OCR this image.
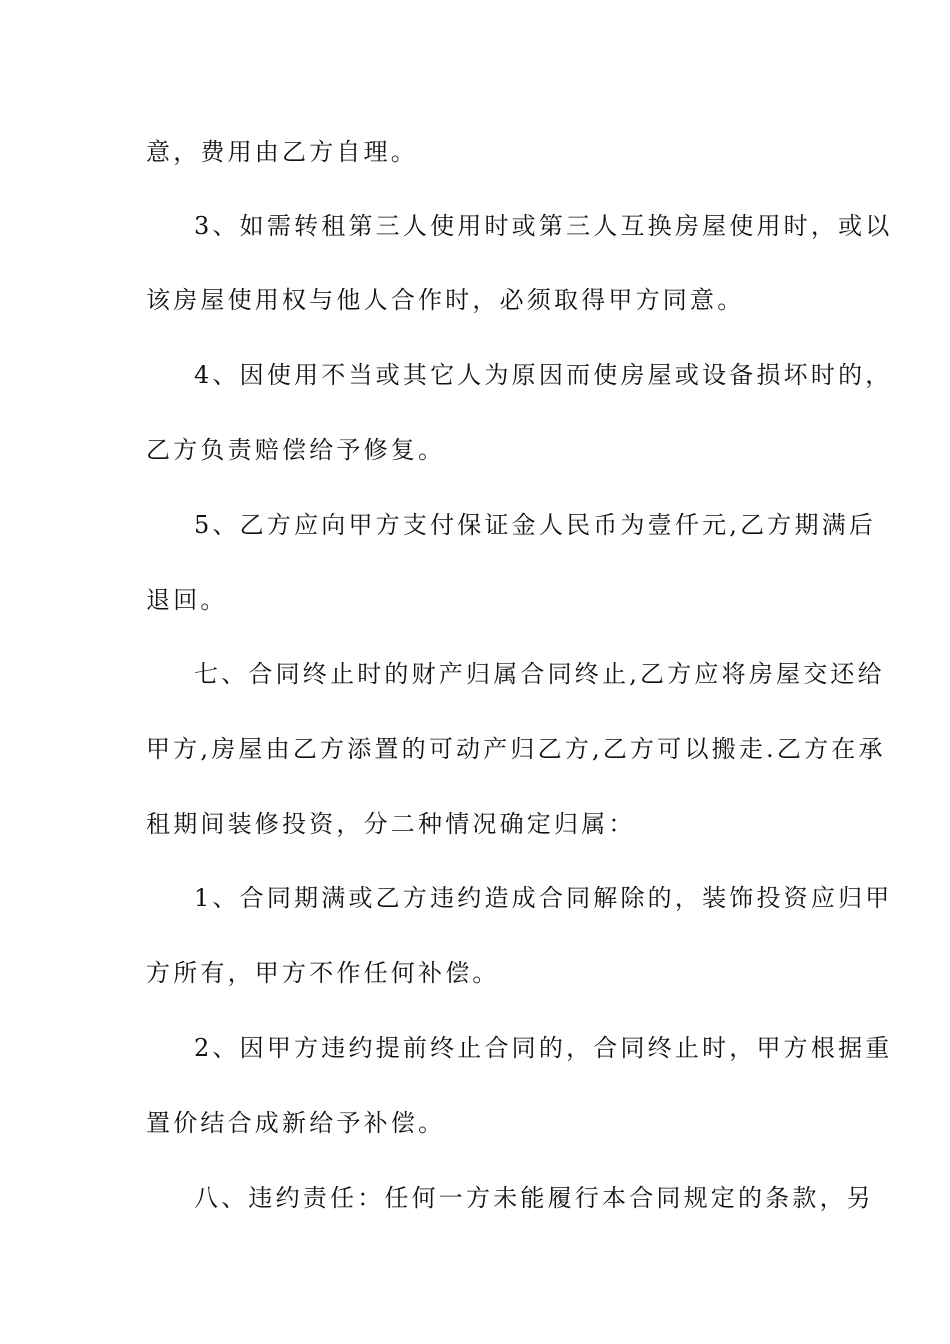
意，费用由乙方自理。
3、如需转租第三人使用时或第三人互换房屋使用时，或以
该房屋使用权与他人合作时，必须取得甲方同意。
4、因使用不当或其它人为原因而使房屋或设备损坏时的，
乙方负责赔偿给予修复。
5、乙方应向甲方支付保证金人民币为壹仟元,乙方期满后
退回。
七、合同终止时的财产归属合同终止,乙方应将房屋交还给
甲方,房屋由乙方添置的可动产归乙方,乙方可以搬走.乙方在承
租期间装修投资，分二种情况确定归属：
1、合同期满或乙方违约造成合同解除的，装饰投资应归甲
方所有，甲方不作任何补偿。
2、因甲方违约提前终止合同的，合同终止时，甲方根据重
置价结合成新给予补偿。
八、违约责任：任何一方未能履行本合同规定的条款，另
